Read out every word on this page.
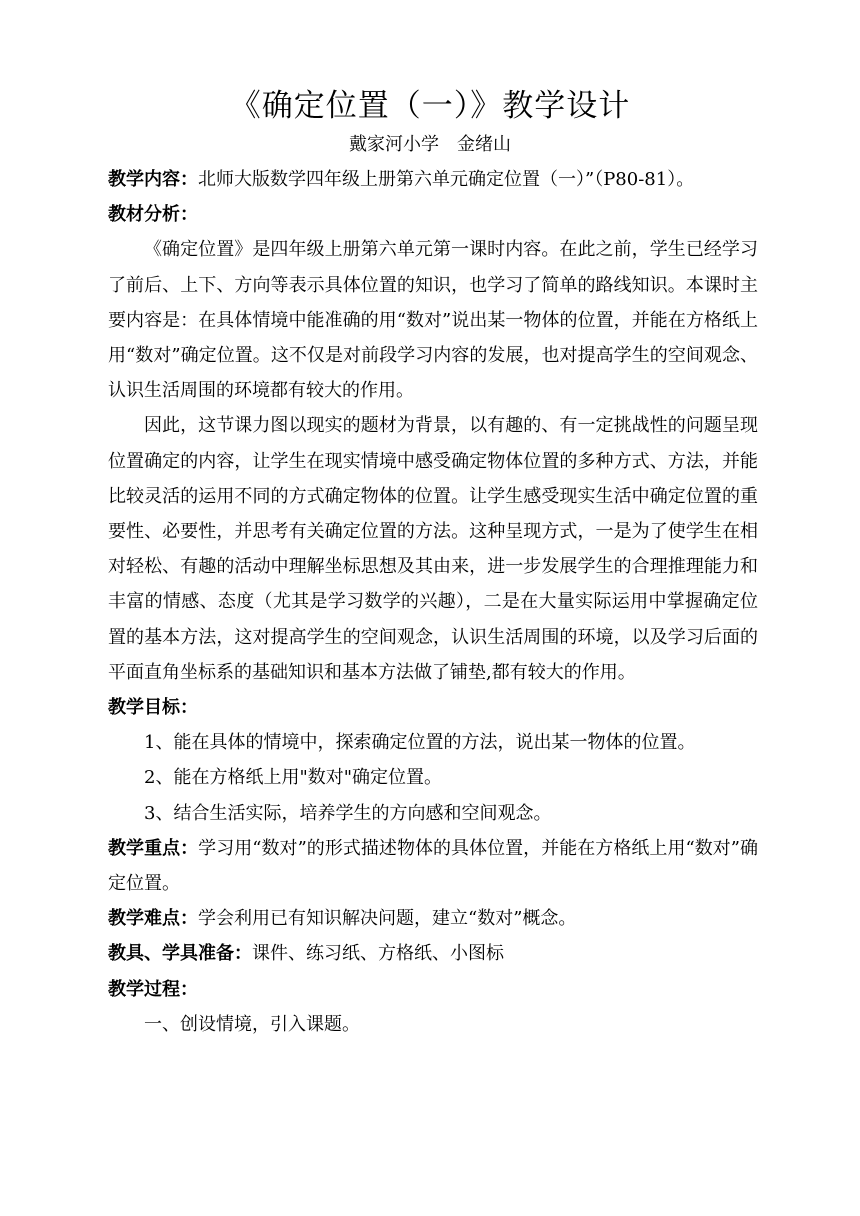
《确定位置（一）》教学设计
戴家河小学　金绪山

教学内容：北师大版数学四年级上册第六单元确定位置（一）”（P80-81）。

教材分析：

《确定位置》是四年级上册第六单元第一课时内容。在此之前，学生已经学习了前后、上下、方向等表示具体位置的知识，也学习了简单的路线知识。本课时主要内容是：在具体情境中能准确的用“数对”说出某一物体的位置，并能在方格纸上用“数对”确定位置。这不仅是对前段学习内容的发展，也对提高学生的空间观念、认识生活周围的环境都有较大的作用。

因此，这节课力图以现实的题材为背景，以有趣的、有一定挑战性的问题呈现位置确定的内容，让学生在现实情境中感受确定物体位置的多种方式、方法，并能比较灵活的运用不同的方式确定物体的位置。让学生感受现实生活中确定位置的重要性、必要性，并思考有关确定位置的方法。这种呈现方式，一是为了使学生在相对轻松、有趣的活动中理解坐标思想及其由来，进一步发展学生的合理推理能力和丰富的情感、态度（尤其是学习数学的兴趣），二是在大量实际运用中掌握确定位置的基本方法，这对提高学生的空间观念，认识生活周围的环境，以及学习后面的平面直角坐标系的基础知识和基本方法做了铺垫,都有较大的作用。

教学目标：

1、能在具体的情境中，探索确定位置的方法，说出某一物体的位置。

2、能在方格纸上用"数对"确定位置。

3、结合生活实际，培养学生的方向感和空间观念。

教学重点：学习用“数对”的形式描述物体的具体位置，并能在方格纸上用“数对”确定位置。

教学难点：学会利用已有知识解决问题，建立“数对”概念。

教具、学具准备：课件、练习纸、方格纸、小图标

教学过程：

一、创设情境，引入课题。
